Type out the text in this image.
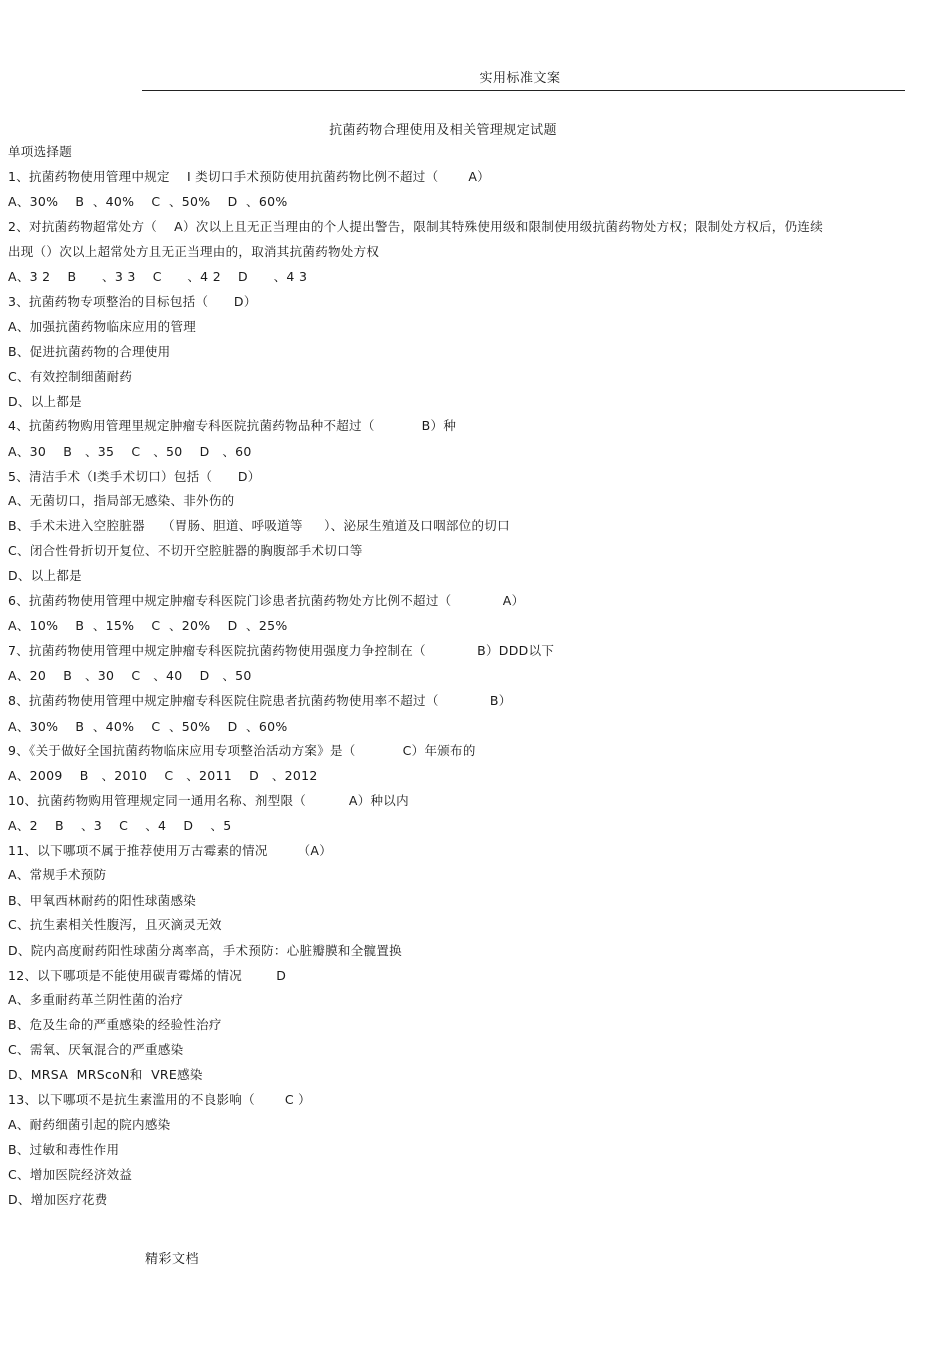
实用标准文案
抗菌药物合理使用及相关管理规定试题
单项选择题
1、抗菌药物使用管理中规定    Ⅰ 类切口手术预防使用抗菌药物比例不超过（       A）
A、30%    B  、40%    C  、50%    D  、60%
2、对抗菌药物超常处方（    A）次以上且无正当理由的个人提出警告，限制其特殊使用级和限制使用级抗菌药物处方权；限制处方权后，仍连续
出现（）次以上超常处方且无正当理由的，取消其抗菌药物处方权
A、3 2    B      、3 3    C      、4 2    D      、4 3
3、抗菌药物专项整治的目标包括（      D）
A、加强抗菌药物临床应用的管理
B、促进抗菌药物的合理使用
C、有效控制细菌耐药
D、以上都是
4、抗菌药物购用管理里规定肿瘤专科医院抗菌药物品种不超过（           B）种
A、30    B   、35    C   、50    D   、60
5、清洁手术（Ⅰ类手术切口）包括（      D）
A、无菌切口，指局部无感染、非外伤的
B、手术未进入空腔脏器    （胃肠、胆道、呼吸道等     ）、泌尿生殖道及口咽部位的切口
C、闭合性骨折切开复位、不切开空腔脏器的胸腹部手术切口等
D、以上都是
6、抗菌药物使用管理中规定肿瘤专科医院门诊患者抗菌药物处方比例不超过（            A）
A、10%    B  、15%    C  、20%    D  、25%
7、抗菌药物使用管理中规定肿瘤专科医院抗菌药物使用强度力争控制在（            B）DDD以下
A、20    B   、30    C   、40    D   、50
8、抗菌药物使用管理中规定肿瘤专科医院住院患者抗菌药物使用率不超过（            B）
A、30%    B  、40%    C  、50%    D  、60%
9、《关于做好全国抗菌药物临床应用专项整治活动方案》是（           C）年颁布的
A、2009    B   、2010    C   、2011    D   、2012
10、抗菌药物购用管理规定同一通用名称、剂型限（          A）种以内
A、2    B    、3    C    、4    D    、5
11、以下哪项不属于推荐使用万古霉素的情况       （A）
A、常规手术预防
B、甲氧西林耐药的阳性球菌感染
C、抗生素相关性腹泻，且灭滴灵无效
D、院内高度耐药阳性球菌分离率高，手术预防：心脏瓣膜和全髋置换
12、以下哪项是不能使用碳青霉烯的情况        D
A、多重耐药革兰阴性菌的治疗
B、危及生命的严重感染的经验性治疗
C、需氧、厌氧混合的严重感染
D、MRSA  MRScoN和  VRE感染
13、以下哪项不是抗生素滥用的不良影响（       C ）
A、耐药细菌引起的院内感染
B、过敏和毒性作用
C、增加医院经济效益
D、增加医疗花费
精彩文档
